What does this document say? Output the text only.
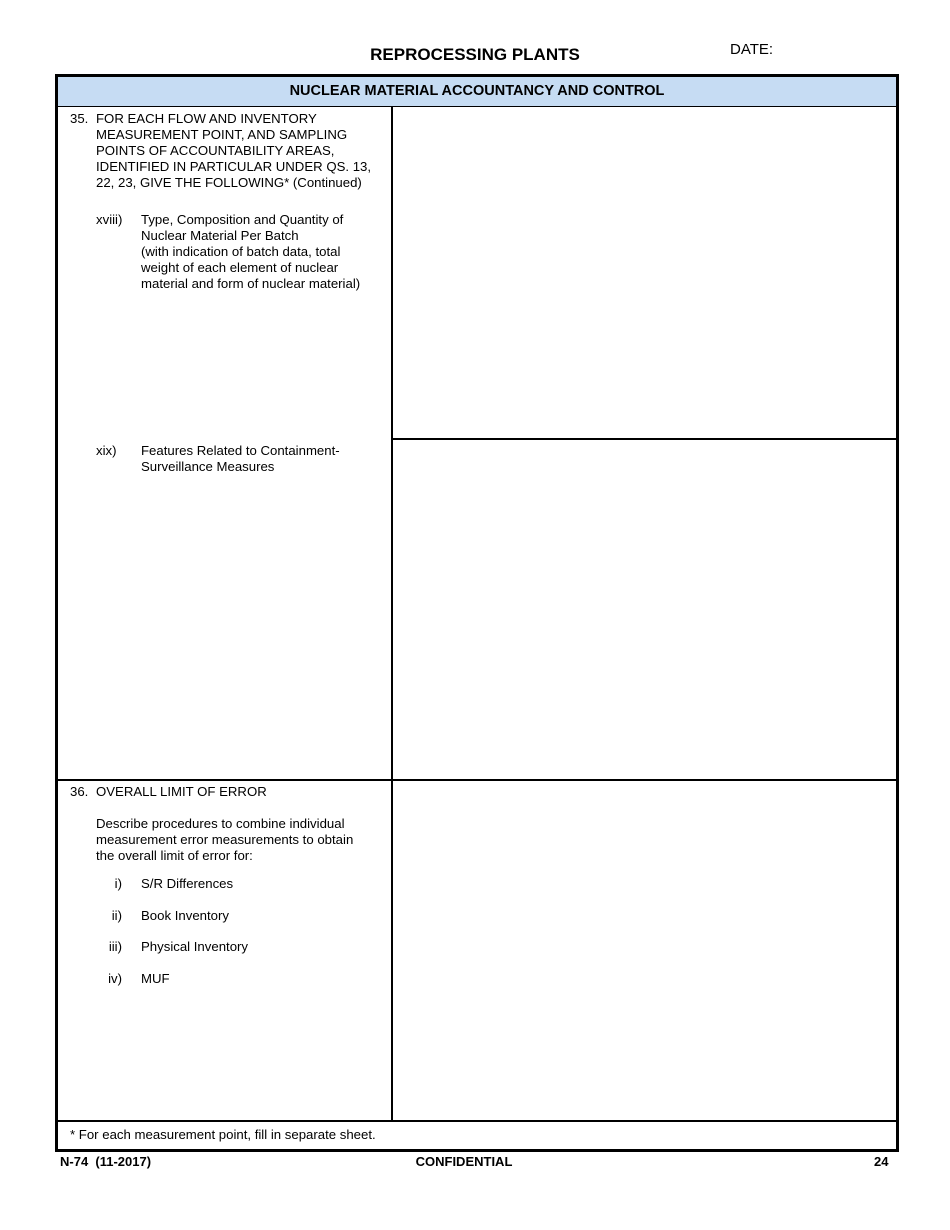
REPROCESSING PLANTS	DATE:
NUCLEAR MATERIAL ACCOUNTANCY AND CONTROL
35. FOR EACH FLOW AND INVENTORY
MEASUREMENT POINT, AND SAMPLING
POINTS OF ACCOUNTABILITY AREAS,
IDENTIFIED IN PARTICULAR UNDER QS. 13,
22, 23, GIVE THE FOLLOWING* (Continued)
xviii) Type, Composition and Quantity of
Nuclear Material Per Batch
(with indication of batch data, total
weight of each element of nuclear
material and form of nuclear material)
xix) Features Related to Containment-
Surveillance Measures
36. OVERALL LIMIT OF ERROR
Describe procedures to combine individual
measurement error measurements to obtain
the overall limit of error for:
i) S/R Differences
ii) Book Inventory
iii) Physical Inventory
iv) MUF
* For each measurement point, fill in separate sheet.
N-74  (11-2017)	CONFIDENTIAL	24
